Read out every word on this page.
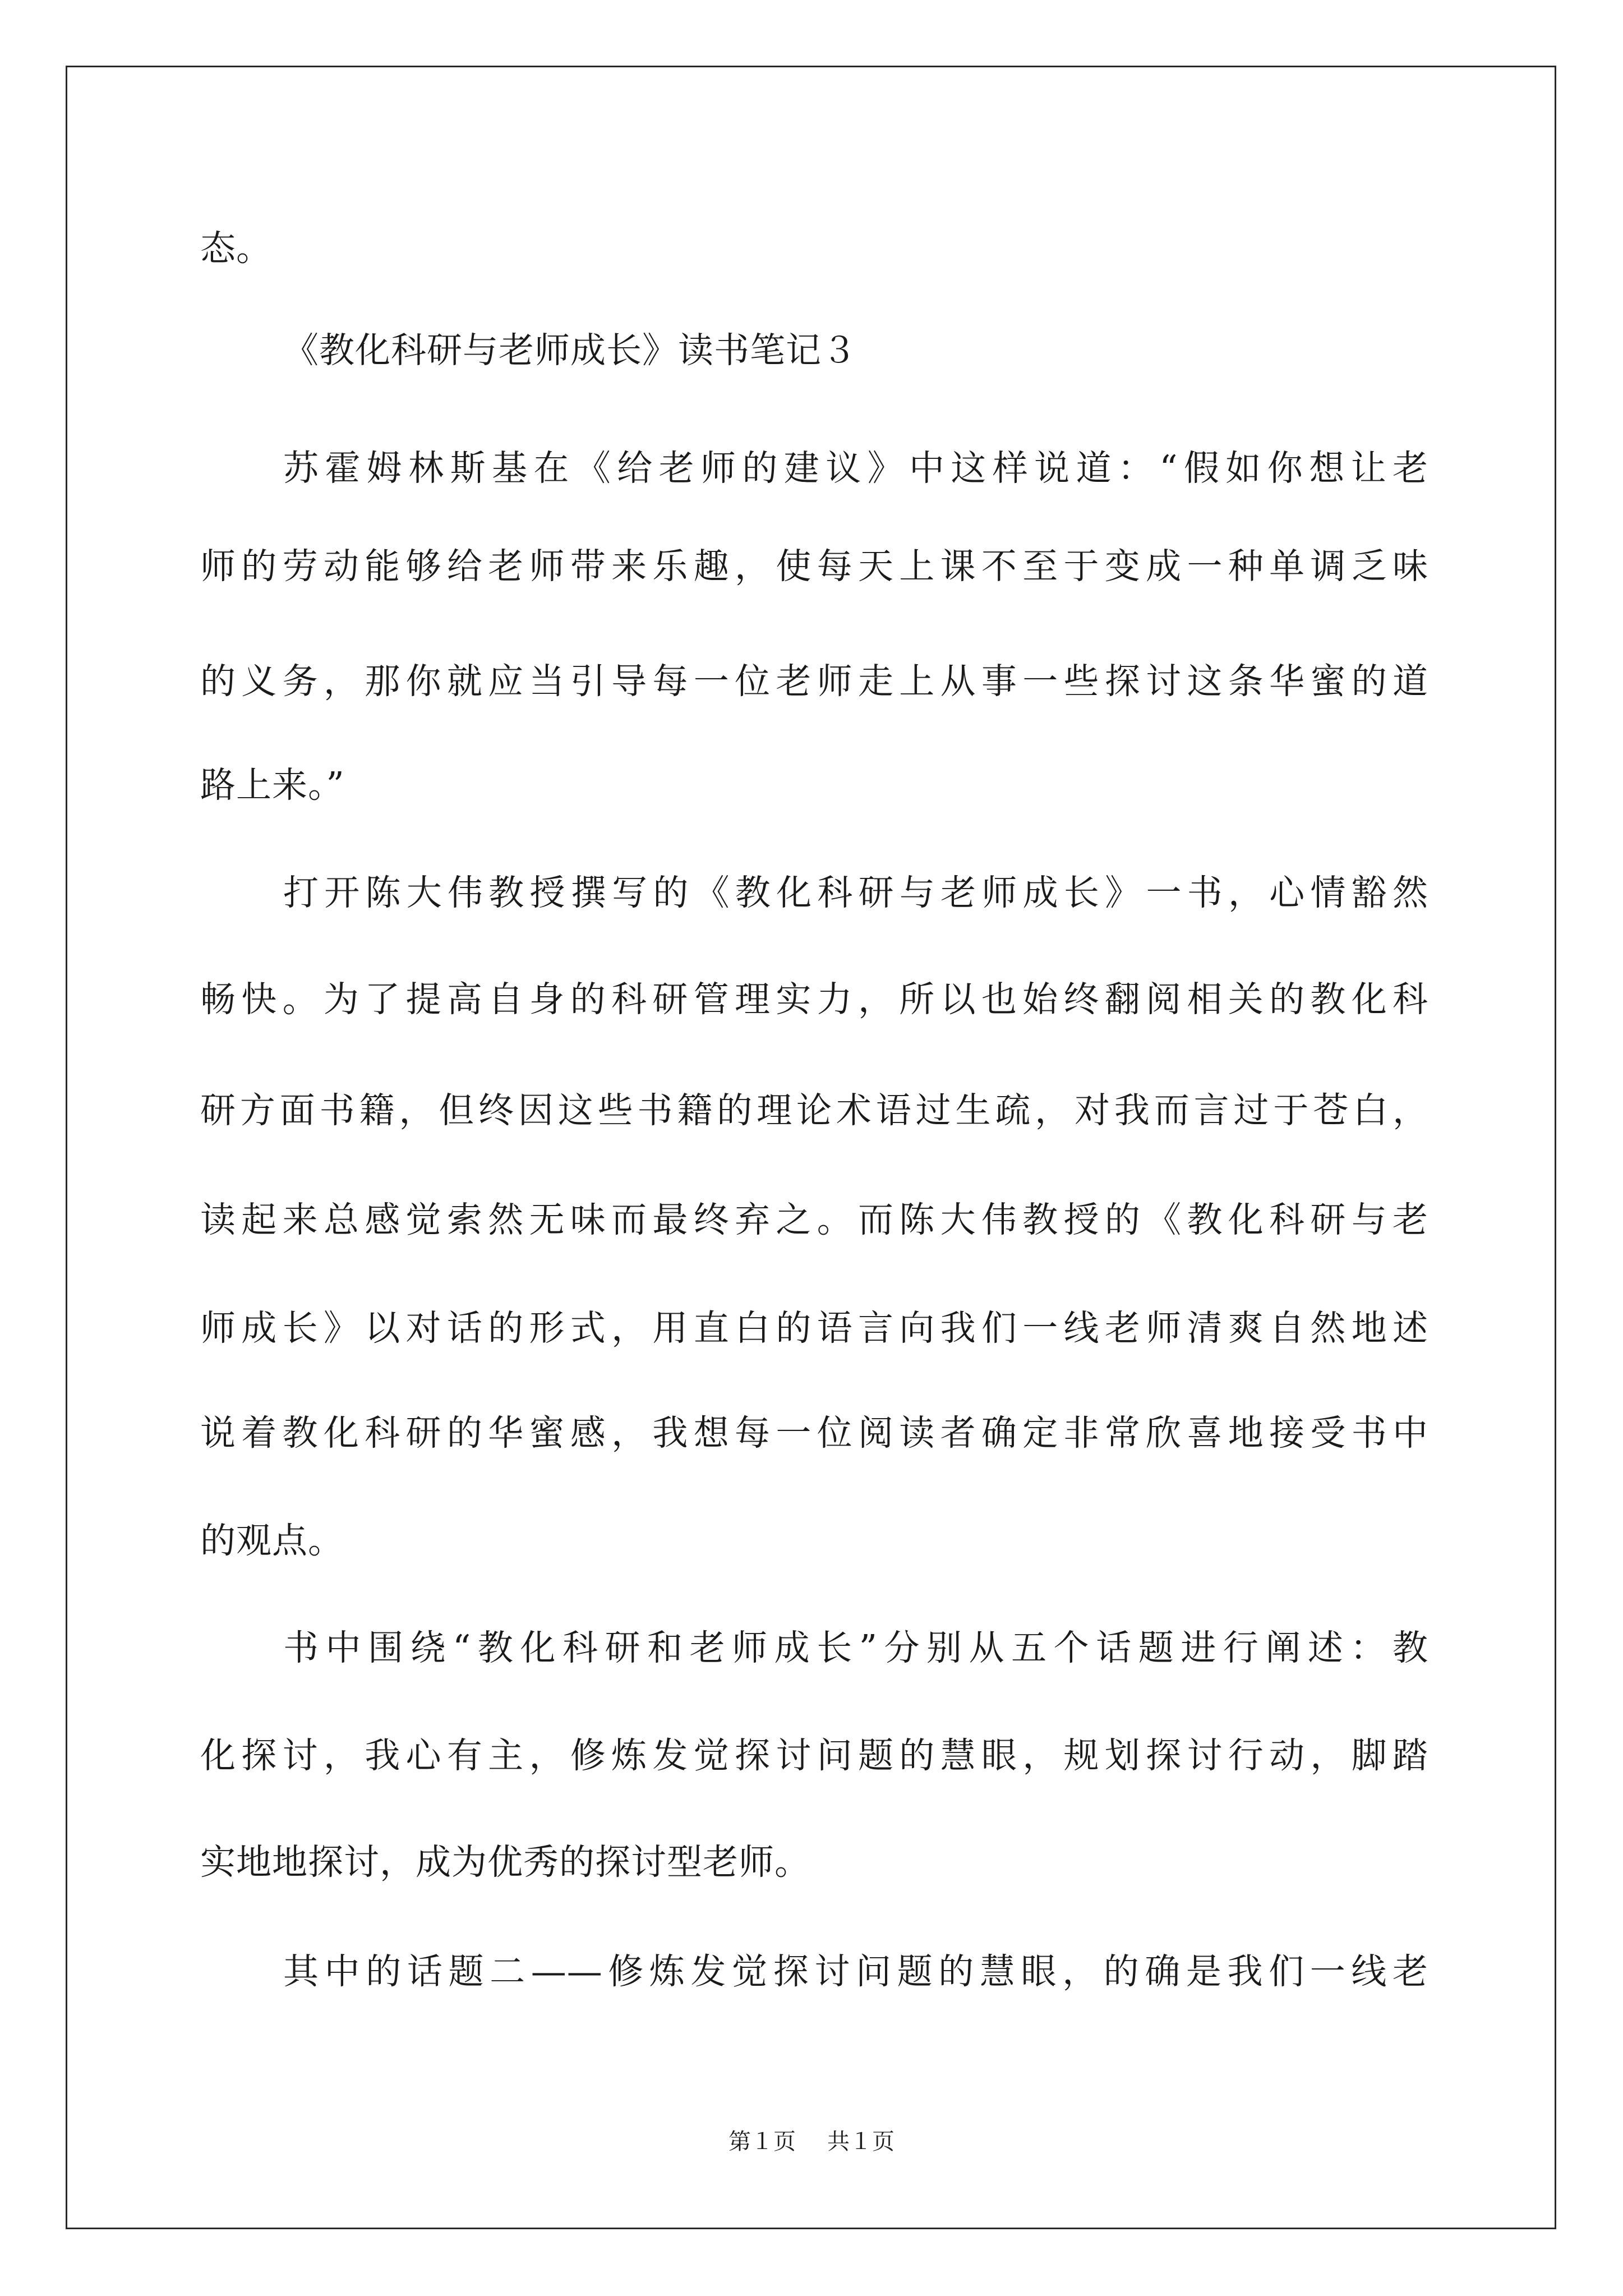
态。
《教化科研与老师成长》读书笔记３
苏霍姆林斯基在《给老师的建议》中这样说道：“假如你想让老
师的劳动能够给老师带来乐趣，使每天上课不至于变成一种单调乏味
的义务，那你就应当引导每一位老师走上从事一些探讨这条华蜜的道
路上来。”
打开陈大伟教授撰写的《教化科研与老师成长》一书，心情豁然
畅快。为了提高自身的科研管理实力，所以也始终翻阅相关的教化科
研方面书籍，但终因这些书籍的理论术语过生疏，对我而言过于苍白，
读起来总感觉索然无味而最终弃之。而陈大伟教授的《教化科研与老
师成长》以对话的形式，用直白的语言向我们一线老师清爽自然地述
说着教化科研的华蜜感，我想每一位阅读者确定非常欣喜地接受书中
的观点。
书中围绕“教化科研和老师成长”分别从五个话题进行阐述：教
化探讨，我心有主，修炼发觉探讨问题的慧眼，规划探讨行动，脚踏
实地地探讨，成为优秀的探讨型老师。
其中的话题二——修炼发觉探讨问题的慧眼，的确是我们一线老
第１页 共１页
